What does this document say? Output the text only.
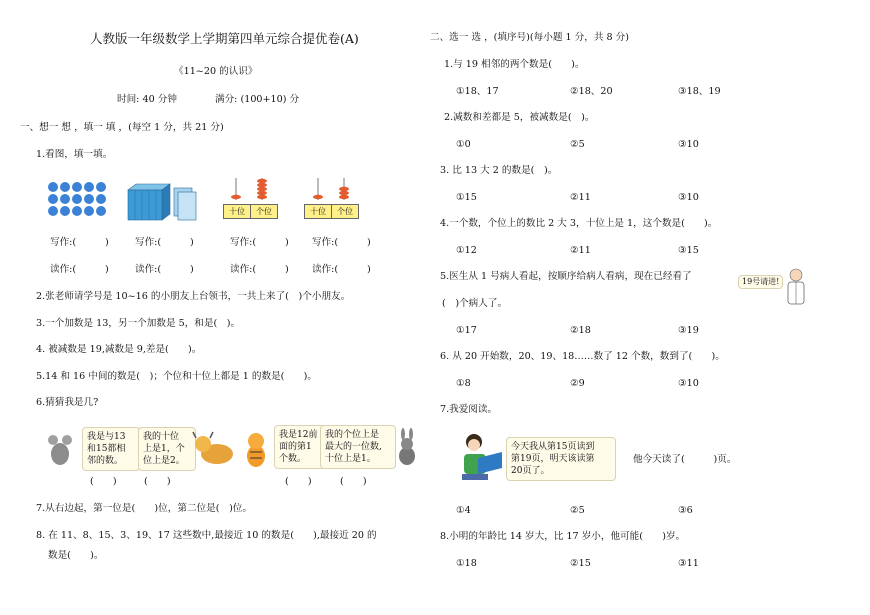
人教版一年级数学上学期第四单元综合提优卷(A)
《11~20 的认识》
时间: 40 分钟	满分: (100+10) 分
一、想一 想 ，填一 填 ，(每空 1 分，共 21 分)
1.看图，填一填。
十位	个位	十位	个位
写作:(　　　)	写作:(　　　)	写作:(　　　) 写作:(　　　)
读作:(　　　)	读作:(　　　)	读作:(　　　) 读作:(　　　)
2.张老师请学号是 10~16 的小朋友上台领书，一共上来了(　)个小朋友。
3.一个加数是 13，另一个加数是 5，和是(　)。
4. 被减数是 19,减数是 9,差是(　　)。
5.14 和 16 中间的数是(　)；个位和十位上都是 1 的数是(　　)。
6.猜猜我是几?
我是与13
和15都相
邻的数。
我的十位
上是1，个
位上是2。
我是12前
面的第1
个数。
我的个位上是
最大的一位数,
十位上是1。
(　　)	(　　)	(　　)	(　　)
7.从右边起，第一位是(　　)位，第二位是(　)位。
8. 在 11、8、15、3、19、17 这些数中,最接近 10 的数是(　　),最接近 20 的
数是(　　)。
二、选一 选 ，(填序号)(每小题 1 分，共 8 分)
1.与 19 相邻的两个数是(　　)。
①18、17	②18、20	③18、19
2.减数和差都是 5，被减数是(　)。
①0	②5	③10
3. 比 13 大 2 的数是(　)。
①15	②11	③10
4.一个数，个位上的数比 2 大 3，十位上是 1，这个数是(　　)。
①12	②11	③15
5.医生从 1 号病人看起，按顺序给病人看病，现在已经看了
(　)个病人了。
19号请进!
①17	②18	③19
6. 从 20 开始数，20、19、18……数了 12 个数，数到了(　　)。
①8	②9	③10
7.我爱阅读。
今天我从第15页读到
第19页，明天该读第
20页了。
他今天读了(　　　)页。
①4	②5	③6
8.小明的年龄比 14 岁大，比 17 岁小，他可能(　　)岁。
①18	②15	③11
